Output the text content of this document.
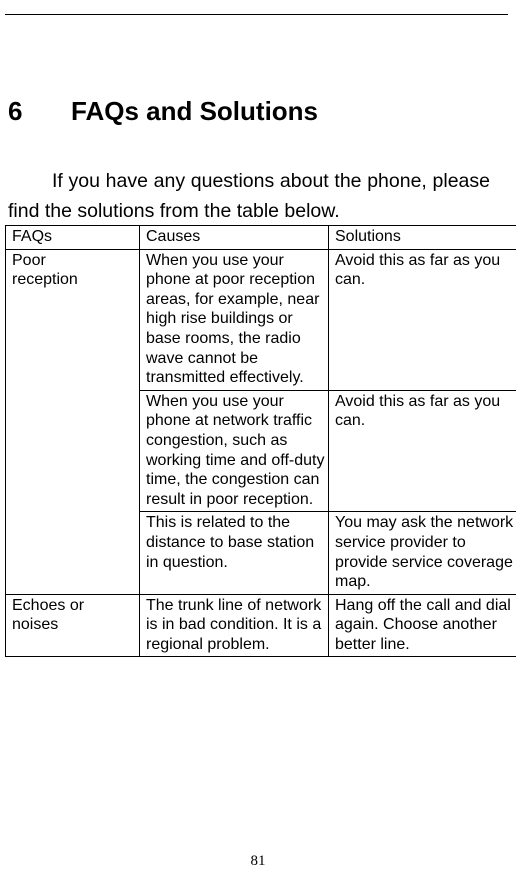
6 FAQs and Solutions

If you have any questions about the phone, please find the solutions from the table below.

FAQs	Causes	Solutions
Poor reception	When you use your phone at poor reception areas, for example, near high rise buildings or base rooms, the radio wave cannot be transmitted effectively.	Avoid this as far as you can.
	When you use your phone at network traffic congestion, such as working time and off-duty time, the congestion can result in poor reception.	Avoid this as far as you can.
	This is related to the distance to base station in question.	You may ask the network service provider to provide service coverage map.
Echoes or noises	The trunk line of network is in bad condition. It is a regional problem.	Hang off the call and dial again. Choose another better line.
81
